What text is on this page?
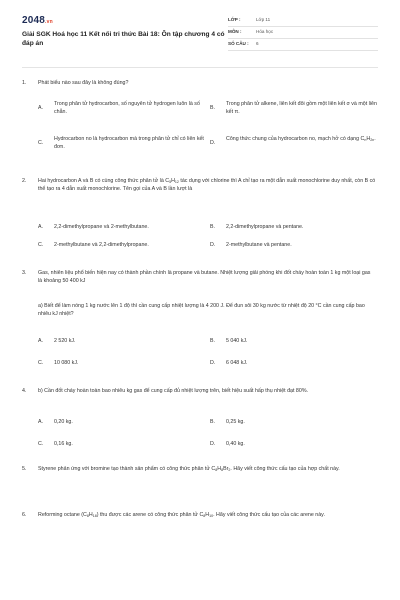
2048.vn
Giải SGK Hoá học 11 Kết nối tri thức Bài 18: Ôn tập chương 4 có đáp án
LỚP :	Lớp 11
MÔN :	Hóa học
SỐ CÂU :	6
1.	Phát biểu nào sau đây là không đúng?
A.
Trong phân tử hydrocarbon, số nguyên tử hydrogen luôn là số chẵn.
B.
Trong phân tử alkene, liên kết đôi gồm một liên kết σ và một liên kết π.
C.
Hydrocarbon no là hydrocarbon mà trong phân tử chỉ có liên kết đơn.
D.
Công thức chung của hydrocarbon no, mạch hở có dạng $C_nH_{2n}$.
2.	Hai hydrocarbon A và B có cùng công thức phân tử là $C_5H_{12}$ tác dụng với chlorine thì A chỉ tạo ra một dẫn xuất monochlorine duy nhất, còn B có thể tạo ra 4 dẫn xuất monochlorine. Tên gọi của A và B lần lượt là
A.	2,2-dimethylpropane và 2-methylbutane.	B.	2,2-dimethylpropane và pentane.
C.	2-methylbutane và 2,2-dimethylpropane.	D.	2-methylbutane và pentane.
3.	Gas, nhiên liệu phổ biến hiện nay có thành phần chính là propane và butane. Nhiệt lượng giải phóng khi đốt cháy hoàn toàn 1 kg một loại gas là khoảng 50 400 kJ
a) Biết để làm nóng 1 kg nước lên 1 độ thì cần cung cấp nhiệt lượng là 4 200 J. Để đun sôi 30 kg nước từ nhiệt độ 20 °C cần cung cấp bao nhiêu kJ nhiệt?
A.	2 520 kJ.	B.	5 040 kJ.
C.	10 080 kJ.	D.	6 048 kJ.
4.	b) Cần đốt cháy hoàn toàn bao nhiêu kg gas để cung cấp đủ nhiệt lượng trên, biết hiệu suất hấp thụ nhiệt đạt 80%.
A.	0,20 kg.	B.	0,25 kg.
C.	0,16 kg.	D.	0,40 kg.
5.	Styrene phản ứng với bromine tạo thành sản phẩm có công thức phân tử $C_8H_8Br_2$. Hãy viết công thức cấu tạo của hợp chất này.
6.	Reforming octane $(C_8H_{18})$ thu được các arene có công thức phân tử $C_8H_{10}$. Hãy viết công thức cấu tạo của các arene này.
